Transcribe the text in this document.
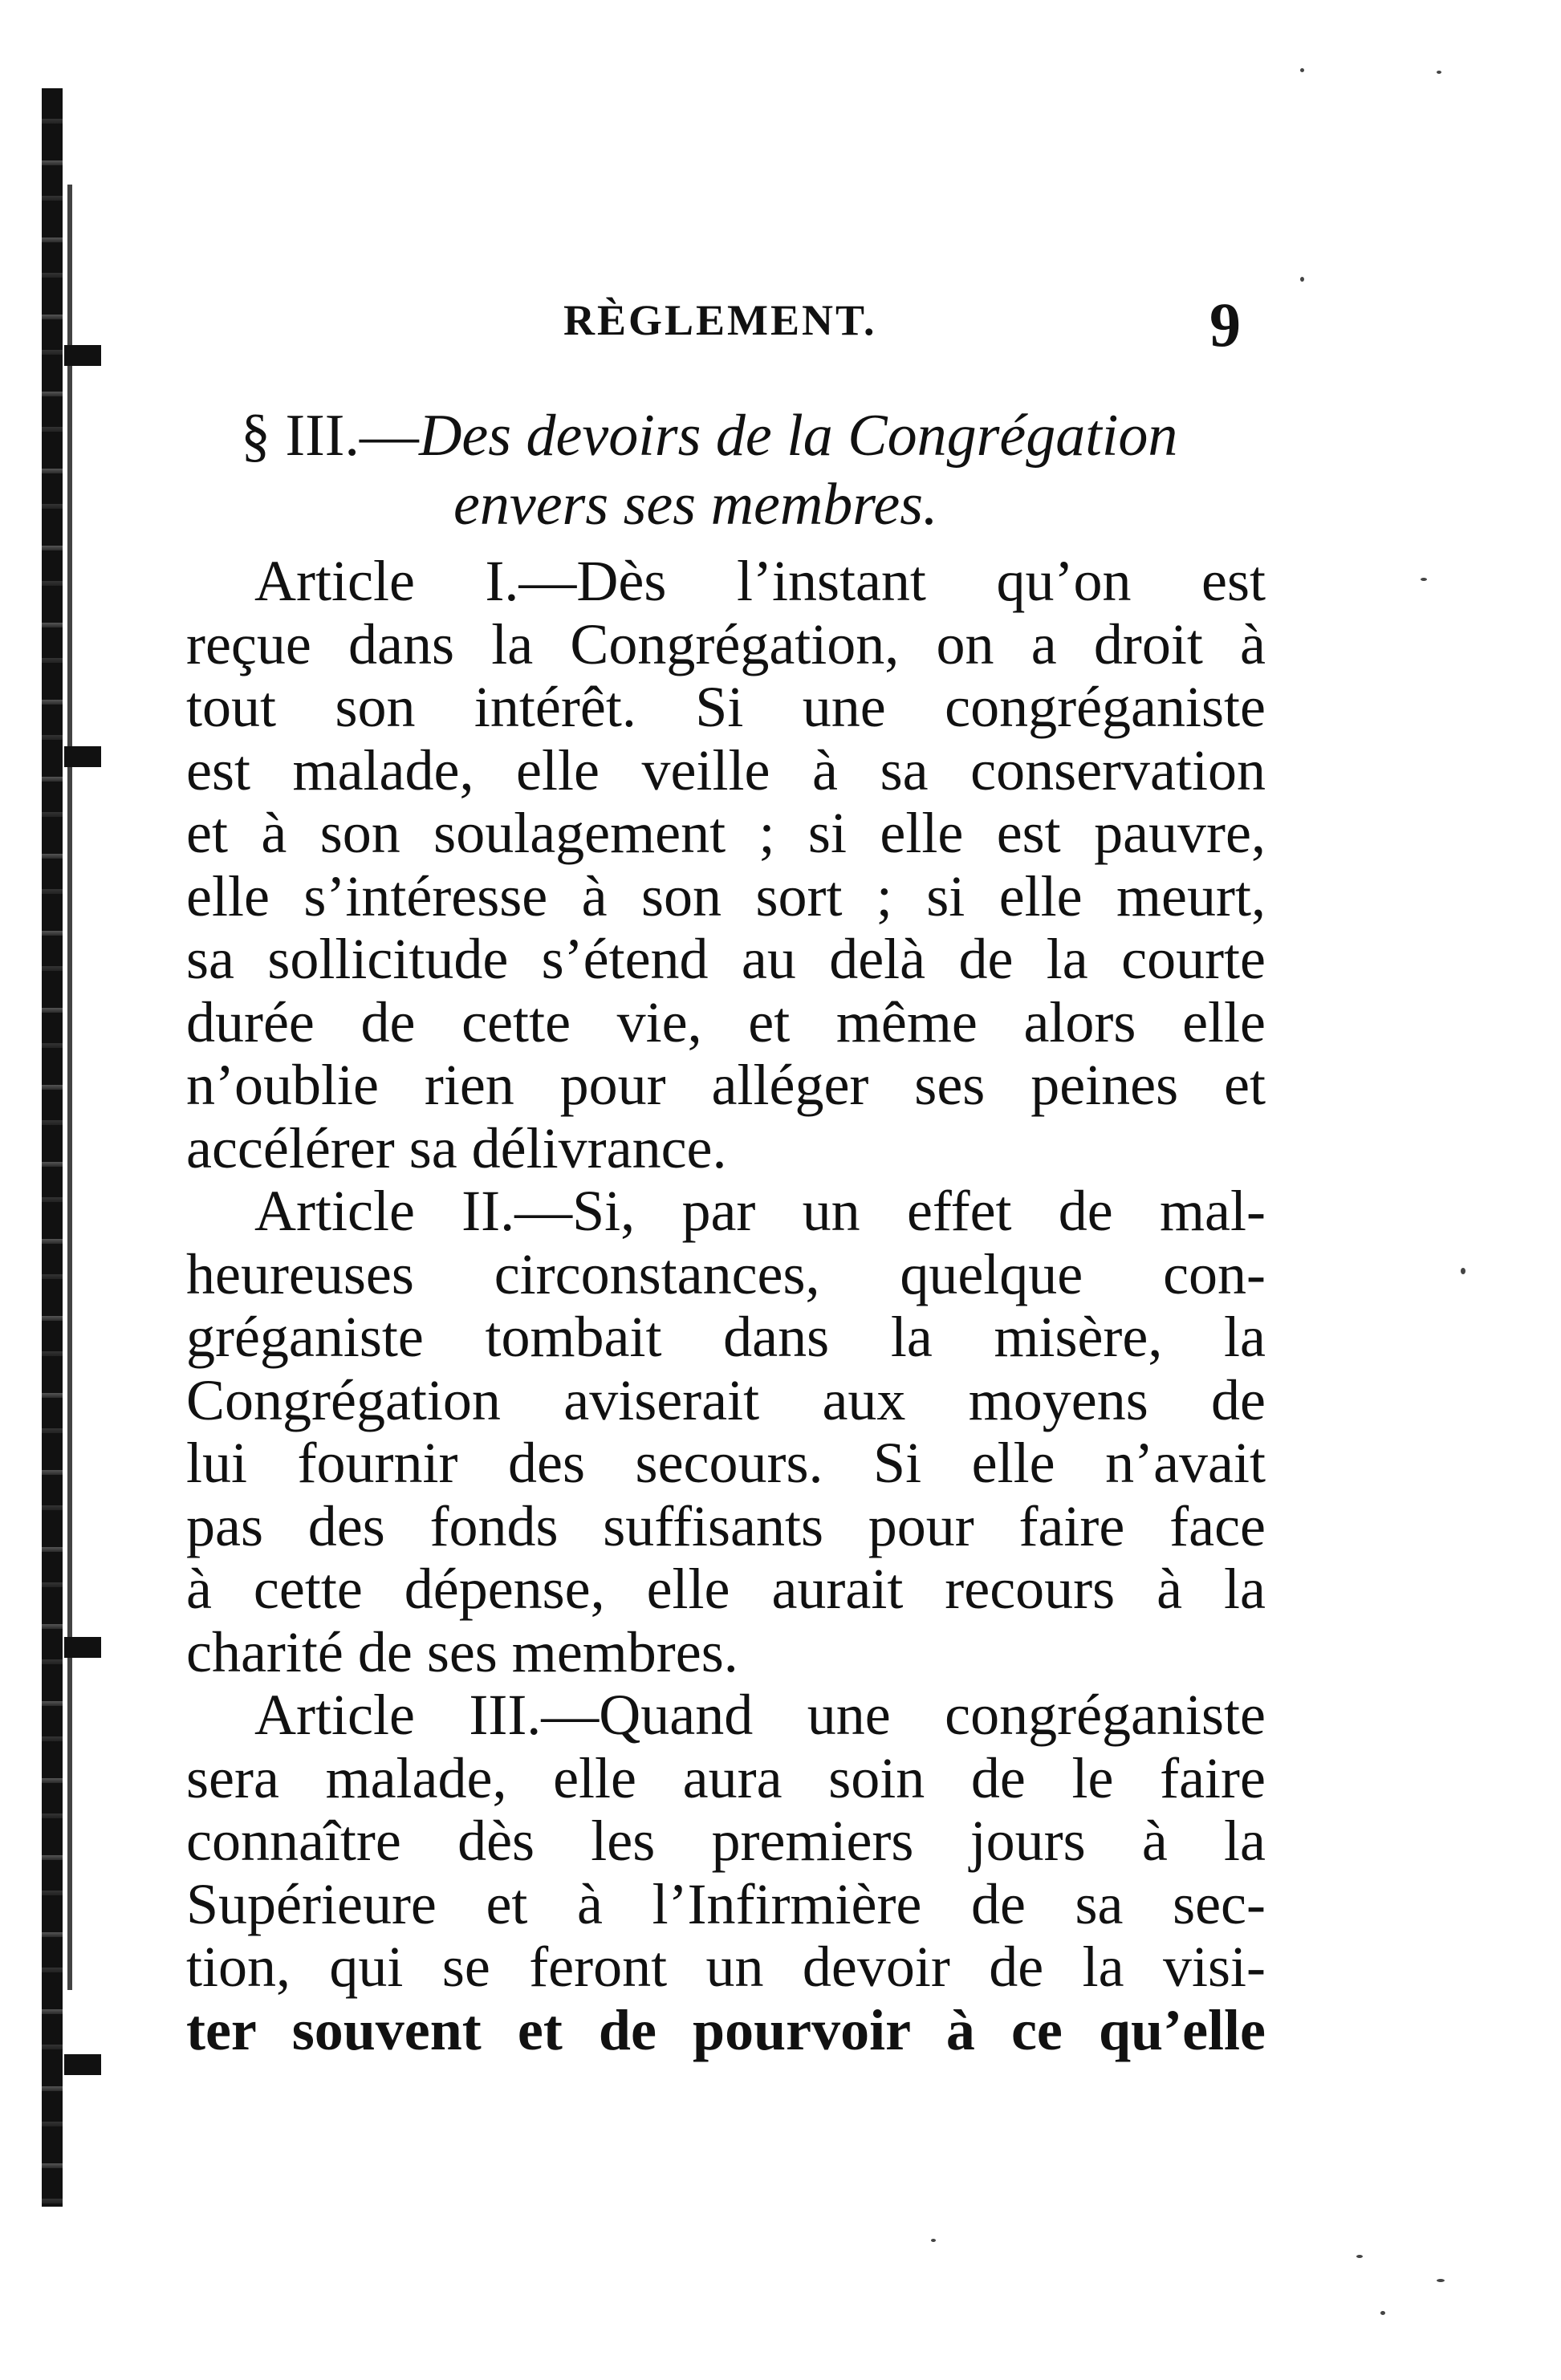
RÈGLEMENT.	9
§ III.—Des devoirs de la Congrégation
envers ses membres.
Article I.—Dès l’instant qu’on est
reçue dans la Congrégation, on a droit à
tout son intérêt. Si une congréganiste
est malade, elle veille à sa conservation
et à son soulagement ; si elle est pauvre,
elle s’intéresse à son sort ; si elle meurt,
sa sollicitude s’étend au delà de la courte
durée de cette vie, et même alors elle
n’oublie rien pour alléger ses peines et
accélérer sa délivrance.
Article II.—Si, par un effet de mal-
heureuses circonstances, quelque con-
gréganiste tombait dans la misère, la
Congrégation aviserait aux moyens de
lui fournir des secours. Si elle n’avait
pas des fonds suffisants pour faire face
à cette dépense, elle aurait recours à la
charité de ses membres.
Article III.—Quand une congréganiste
sera malade, elle aura soin de le faire
connaître dès les premiers jours à la
Supérieure et à l’Infirmière de sa sec-
tion, qui se feront un devoir de la visi-
ter souvent et de pourvoir à ce qu’elle
